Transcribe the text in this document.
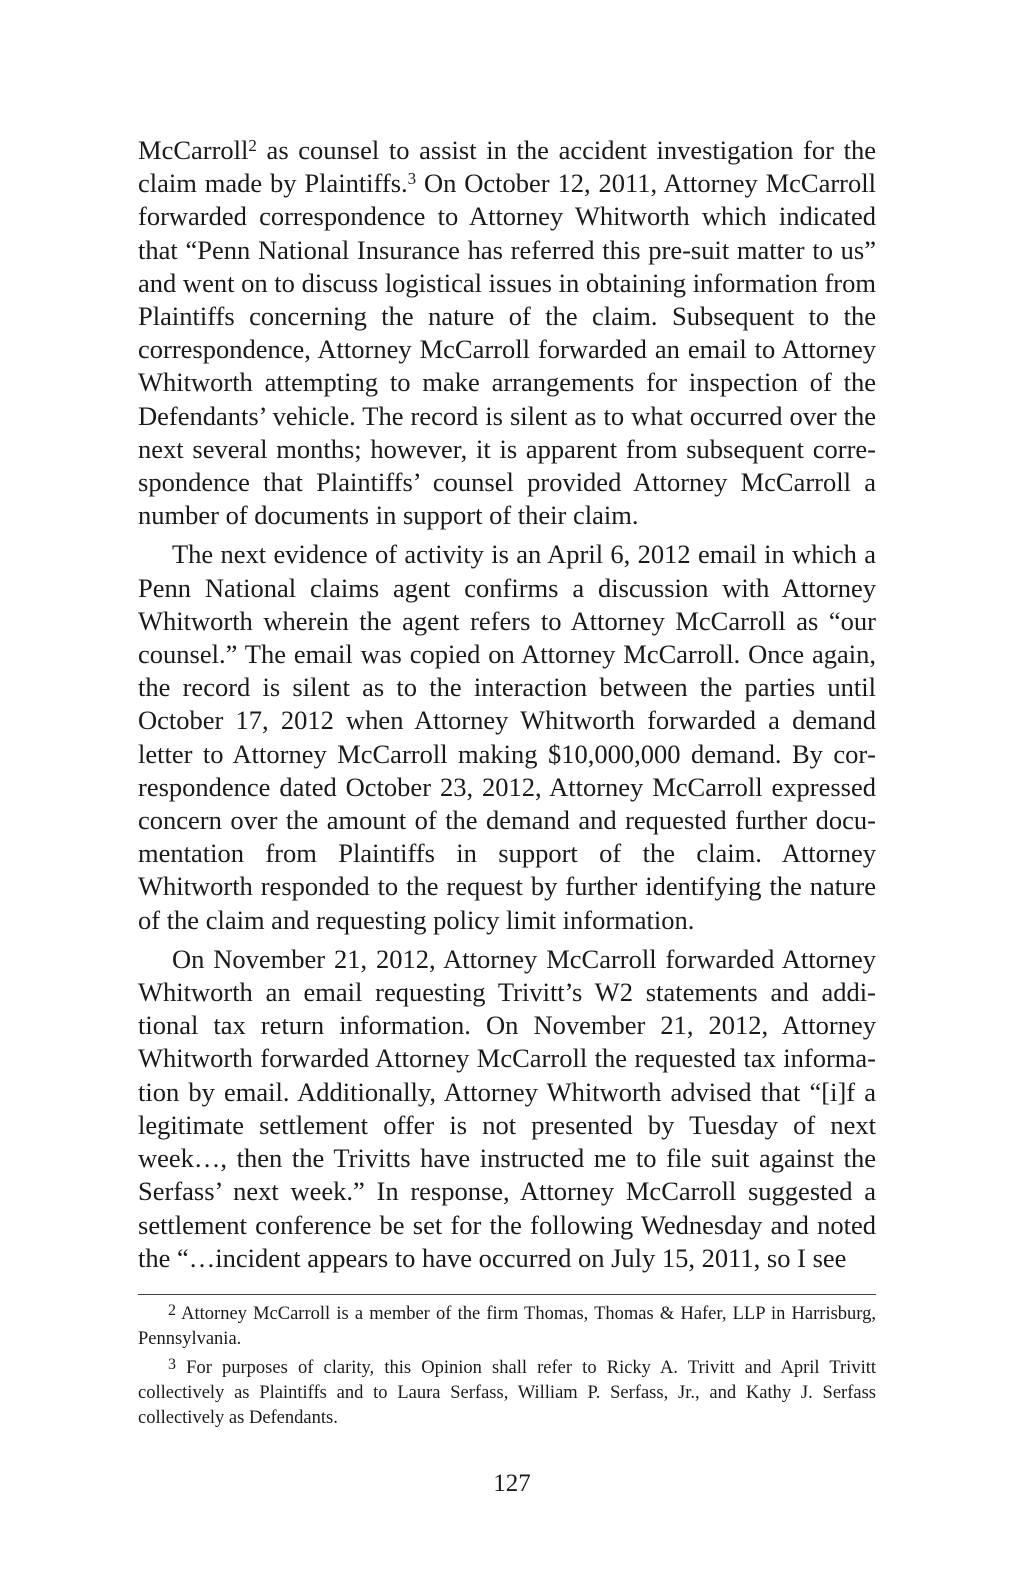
McCarroll$^2$ as counsel to assist in the accident investigation for the claim made by Plaintiffs.$^3$ On October 12, 2011, Attorney McCarroll forwarded correspondence to Attorney Whitworth which indicated that “Penn National Insurance has referred this pre-suit matter to us” and went on to discuss logistical issues in obtaining information from Plaintiffs concerning the nature of the claim. Subsequent to the correspondence, Attorney McCarroll forwarded an email to Attorney Whitworth attempting to make arrangements for inspection of the Defendants’ vehicle. The record is silent as to what occurred over the next several months; however, it is apparent from subsequent correspondence that Plaintiffs’ counsel provided Attorney McCarroll a number of documents in support of their claim.

The next evidence of activity is an April 6, 2012 email in which a Penn National claims agent confirms a discussion with Attorney Whitworth wherein the agent refers to Attorney McCarroll as “our counsel.” The email was copied on Attorney McCarroll. Once again, the record is silent as to the interaction between the parties until October 17, 2012 when Attorney Whitworth forwarded a demand letter to Attorney McCarroll making $10,000,000 demand. By correspondence dated October 23, 2012, Attorney McCarroll expressed concern over the amount of the demand and requested further documentation from Plaintiffs in support of the claim. Attorney Whitworth responded to the request by further identifying the nature of the claim and requesting policy limit information.

On November 21, 2012, Attorney McCarroll forwarded Attorney Whitworth an email requesting Trivitt’s W2 statements and additional tax return information. On November 21, 2012, Attorney Whitworth forwarded Attorney McCarroll the requested tax information by email. Additionally, Attorney Whitworth advised that “[i]f a legitimate settlement offer is not presented by Tuesday of next week…, then the Trivitts have instructed me to file suit against the Serfass’ next week.” In response, Attorney McCarroll suggested a settlement conference be set for the following Wednesday and noted the “…incident appears to have occurred on July 15, 2011, so I see

$^2$ Attorney McCarroll is a member of the firm Thomas, Thomas & Hafer, LLP in Harrisburg, Pennsylvania.

$^3$ For purposes of clarity, this Opinion shall refer to Ricky A. Trivitt and April Trivitt collectively as Plaintiffs and to Laura Serfass, William P. Serfass, Jr., and Kathy J. Serfass collectively as Defendants.

127
